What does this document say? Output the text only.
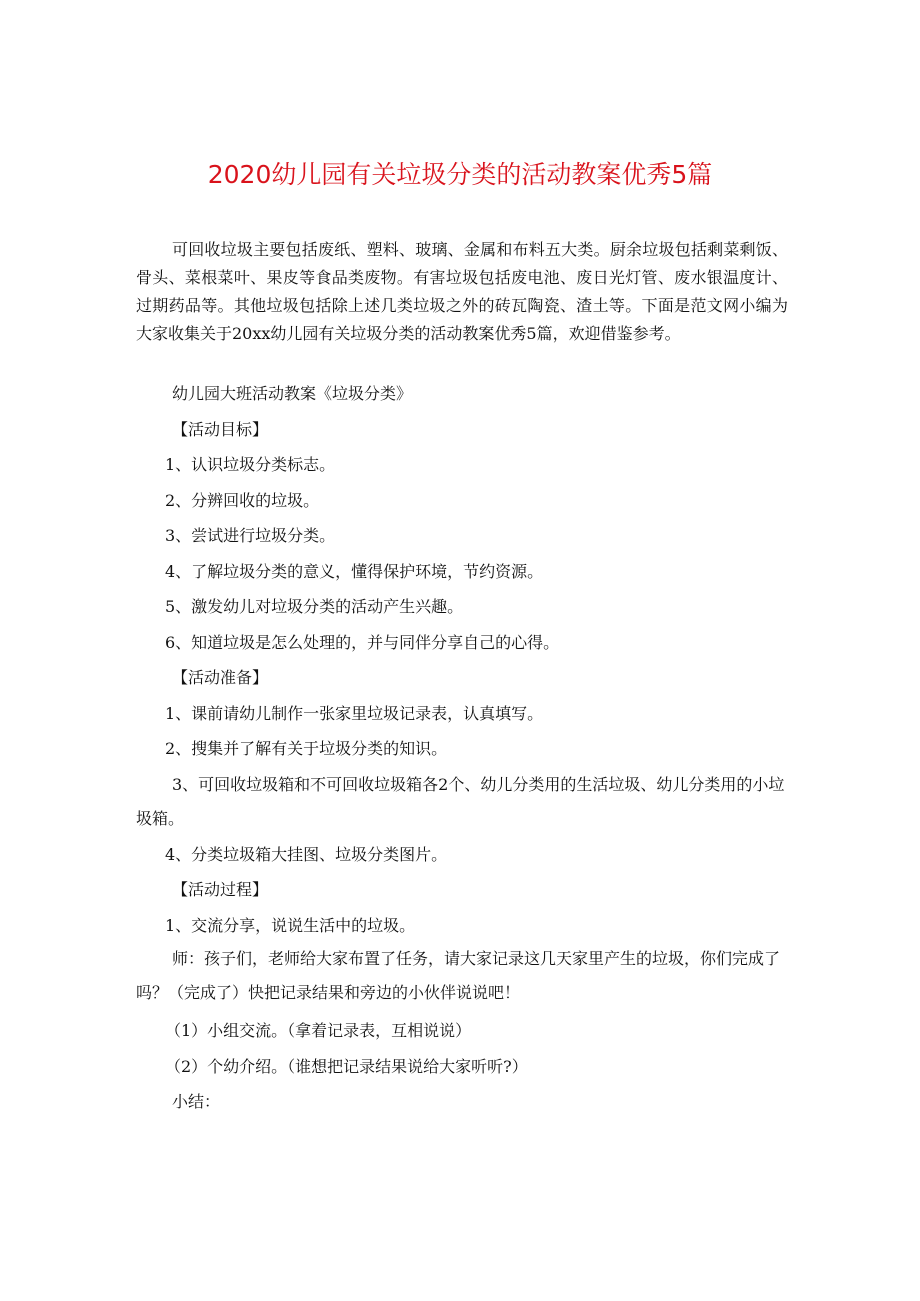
2020幼儿园有关垃圾分类的活动教案优秀5篇

可回收垃圾主要包括废纸、塑料、玻璃、金属和布料五大类。厨余垃圾包括剩菜剩饭、骨头、菜根菜叶、果皮等食品类废物。有害垃圾包括废电池、废日光灯管、废水银温度计、过期药品等。其他垃圾包括除上述几类垃圾之外的砖瓦陶瓷、渣土等。下面是范文网小编为大家收集关于20xx幼儿园有关垃圾分类的活动教案优秀5篇，欢迎借鉴参考。

幼儿园大班活动教案《垃圾分类》

【活动目标】

1、认识垃圾分类标志。

2、分辨回收的垃圾。

3、尝试进行垃圾分类。

4、了解垃圾分类的意义，懂得保护环境，节约资源。

5、激发幼儿对垃圾分类的活动产生兴趣。

6、知道垃圾是怎么处理的，并与同伴分享自己的心得。

【活动准备】

1、课前请幼儿制作一张家里垃圾记录表，认真填写。

2、搜集并了解有关于垃圾分类的知识。

3、可回收垃圾箱和不可回收垃圾箱各2个、幼儿分类用的生活垃圾、幼儿分类用的小垃圾箱。

4、分类垃圾箱大挂图、垃圾分类图片。

【活动过程】

1、交流分享，说说生活中的垃圾。

师：孩子们，老师给大家布置了任务，请大家记录这几天家里产生的垃圾，你们完成了吗？（完成了）快把记录结果和旁边的小伙伴说说吧！

（1）小组交流。（拿着记录表，互相说说）

（2）个幼介绍。（谁想把记录结果说给大家听听?）

小结：
